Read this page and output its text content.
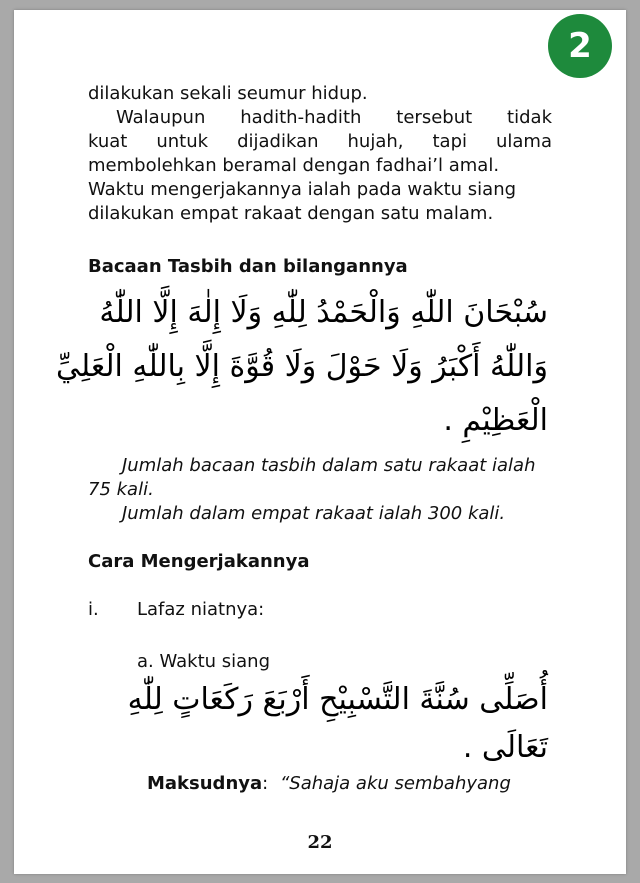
2
dilakukan sekali seumur hidup.
Walaupun hadith-hadith tersebut tidak
kuat untuk dijadikan hujah, tapi ulama
membolehkan beramal dengan fadhai’l amal.
Waktu mengerjakannya ialah pada waktu siang
dilakukan empat rakaat dengan satu malam.
Bacaan Tasbih dan bilangannya
سُبْحَانَ اللّٰهِ وَالْحَمْدُ لِلّٰهِ وَلَا إِلٰهَ إِلَّا اللّٰهُ
وَاللّٰهُ أَكْبَرُ وَلَا حَوْلَ وَلَا قُوَّةَ إِلَّا بِاللّٰهِ الْعَلِيِّ
الْعَظِيْمِ .
Jumlah bacaan tasbih dalam satu rakaat ialah
75 kali.
Jumlah dalam empat rakaat ialah 300 kali.
Cara Mengerjakannya
i. Lafaz niatnya:
a. Waktu siang
أُصَلِّى سُنَّةَ التَّسْبِيْحِ أَرْبَعَ رَكَعَاتٍ لِلّٰهِ
تَعَالَى .
Maksudnya: “Sahaja aku sembahyang
22
